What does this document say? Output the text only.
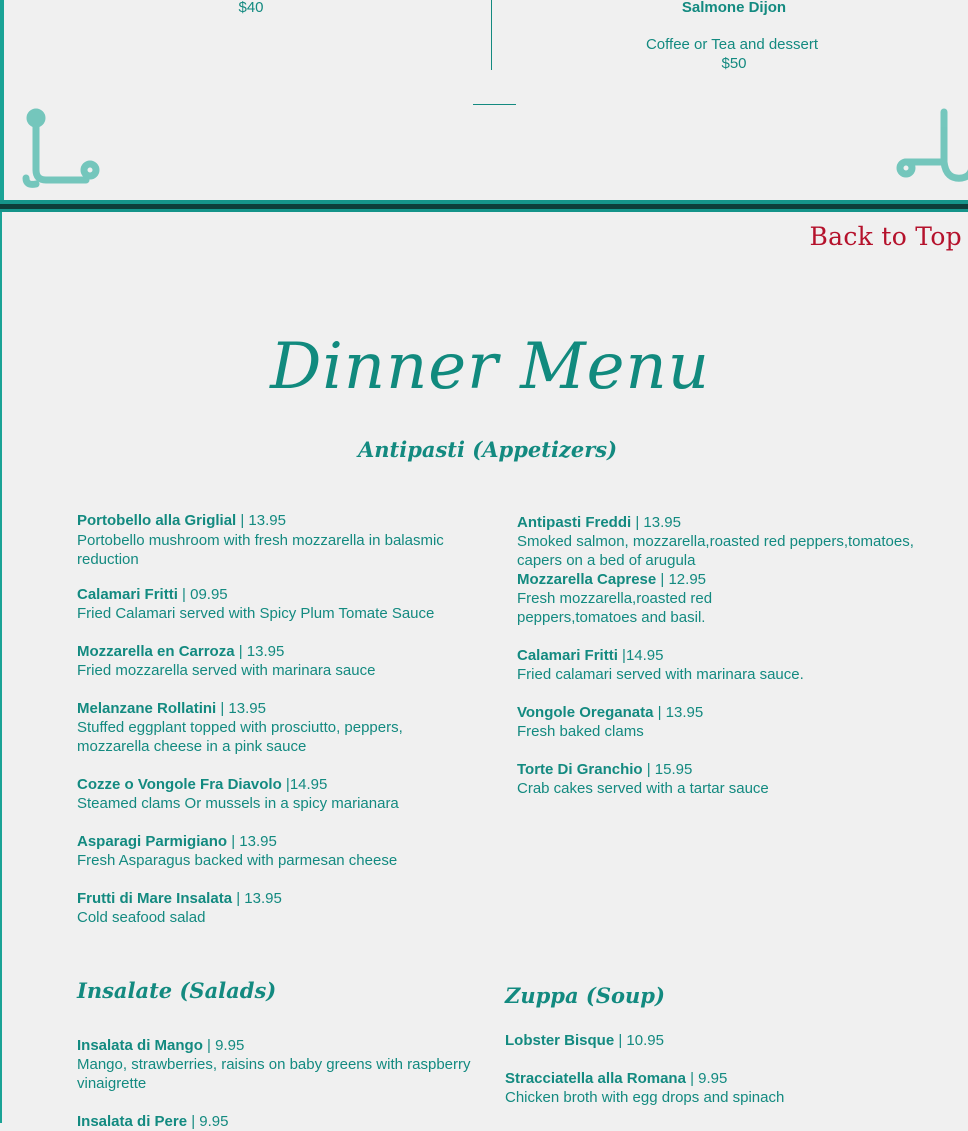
$40	Salmone Dijon
Coffee or Tea and dessert
$50
Back to Top
Dinner Menu
Antipasti (Appetizers)
Portobello alla Griglial | 13.95
Portobello mushroom with fresh mozzarella in balasmic reduction
Calamari Fritti | 09.95
Fried Calamari served with Spicy Plum Tomate Sauce
Mozzarella en Carroza | 13.95
Fried mozzarella served with marinara sauce
Melanzane Rollatini | 13.95
Stuffed eggplant topped with prosciutto, peppers, mozzarella cheese in a pink sauce
Cozze o Vongole Fra Diavolo |14.95
Steamed clams Or mussels in a spicy marianara
Asparagi Parmigiano | 13.95
Fresh Asparagus backed with parmesan cheese
Frutti di Mare Insalata | 13.95
Cold seafood salad
Antipasti Freddi | 13.95
Smoked salmon, mozzarella,roasted red peppers,tomatoes, capers on a bed of arugula
Mozzarella Caprese | 12.95
Fresh mozzarella,roasted red peppers,tomatoes and basil.
Calamari Fritti |14.95
Fried calamari served with marinara sauce.
Vongole Oreganata | 13.95
Fresh baked clams
Torte Di Granchio | 15.95
Crab cakes served with a tartar sauce
Insalate (Salads)
Insalata di Mango | 9.95
Mango, strawberries, raisins on baby greens with raspberry vinaigrette
Insalata di Pere | 9.95
Zuppa (Soup)
Lobster Bisque | 10.95
Stracciatella alla Romana | 9.95
Chicken broth with egg drops and spinach
